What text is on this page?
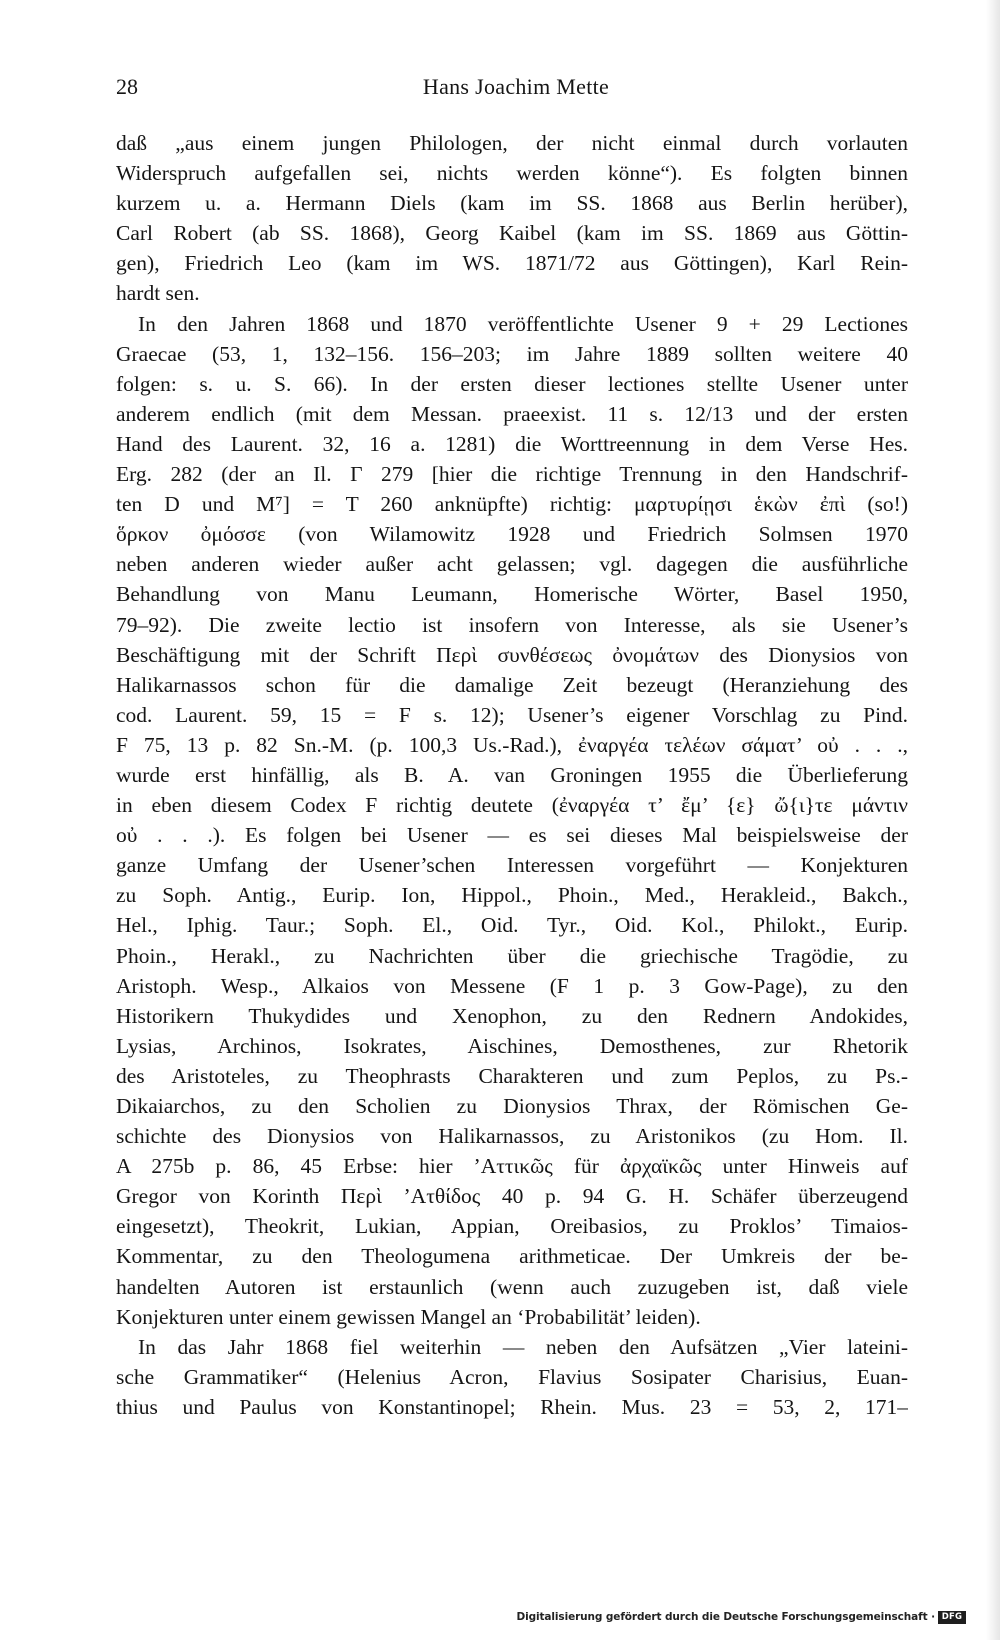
28	Hans Joachim Mette
daß „aus einem jungen Philologen, der nicht einmal durch vorlauten
Widerspruch aufgefallen sei, nichts werden könne“). Es folgten binnen
kurzem u. a. Hermann Diels (kam im SS. 1868 aus Berlin herüber),
Carl Robert (ab SS. 1868), Georg Kaibel (kam im SS. 1869 aus Göttin-
gen), Friedrich Leo (kam im WS. 1871/72 aus Göttingen), Karl Rein-
hardt sen.
In den Jahren 1868 und 1870 veröffentlichte Usener 9 + 29 Lectiones
Graecae (53, 1, 132–156. 156–203; im Jahre 1889 sollten weitere 40
folgen: s. u. S. 66). In der ersten dieser lectiones stellte Usener unter
anderem endlich (mit dem Messan. praeexist. 11 s. 12/13 und der ersten
Hand des Laurent. 32, 16 a. 1281) die Worttreennung in dem Verse Hes.
Erg. 282 (der an Il. Γ 279 [hier die richtige Trennung in den Handschrif-
ten D und M⁷] = T 260 anknüpfte) richtig: μαρτυρίῃσι ἑκὼν ἐπὶ (so!)
ὅρκον ὀμόσσε (von Wilamowitz 1928 und Friedrich Solmsen 1970
neben anderen wieder außer acht gelassen; vgl. dagegen die ausführliche
Behandlung von Manu Leumann, Homerische Wörter, Basel 1950,
79–92). Die zweite lectio ist insofern von Interesse, als sie Usener’s
Beschäftigung mit der Schrift Περὶ συνθέσεως ὀνομάτων des Dionysios von
Halikarnassos schon für die damalige Zeit bezeugt (Heranziehung des
cod. Laurent. 59, 15 = F s. 12); Usener’s eigener Vorschlag zu Pind.
F 75, 13 p. 82 Sn.-M. (p. 100,3 Us.-Rad.), ἐναργέα τελέων σάματ’ οὐ . . .,
wurde erst hinfällig, als B. A. van Groningen 1955 die Überlieferung
in eben diesem Codex F richtig deutete (ἐναργέα τ’ ἔμ’ {ε} ὤ{ι}τε μάντιν
οὐ . . .). Es folgen bei Usener — es sei dieses Mal beispielsweise der
ganze Umfang der Usener’schen Interessen vorgeführt — Konjekturen
zu Soph. Antig., Eurip. Ion, Hippol., Phoin., Med., Herakleid., Bakch.,
Hel., Iphig. Taur.; Soph. El., Oid. Tyr., Oid. Kol., Philokt., Eurip.
Phoin., Herakl., zu Nachrichten über die griechische Tragödie, zu
Aristoph. Wesp., Alkaios von Messene (F 1 p. 3 Gow-Page), zu den
Historikern Thukydides und Xenophon, zu den Rednern Andokides,
Lysias, Archinos, Isokrates, Aischines, Demosthenes, zur Rhetorik
des Aristoteles, zu Theophrasts Charakteren und zum Peplos, zu Ps.-
Dikaiarchos, zu den Scholien zu Dionysios Thrax, der Römischen Ge-
schichte des Dionysios von Halikarnassos, zu Aristonikos (zu Hom. Il.
A 275b p. 86, 45 Erbse: hier ’Αττικῶς für ἀρχαϊκῶς unter Hinweis auf
Gregor von Korinth Περὶ ’Ατθίδος 40 p. 94 G. H. Schäfer überzeugend
eingesetzt), Theokrit, Lukian, Appian, Oreibasios, zu Proklos’ Timaios-
Kommentar, zu den Theologumena arithmeticae. Der Umkreis der be-
handelten Autoren ist erstaunlich (wenn auch zuzugeben ist, daß viele
Konjekturen unter einem gewissen Mangel an ‘Probabilität’ leiden).
In das Jahr 1868 fiel weiterhin — neben den Aufsätzen „Vier lateini-
sche Grammatiker“ (Helenius Acron, Flavius Sosipater Charisius, Euan-
thius und Paulus von Konstantinopel; Rhein. Mus. 23 = 53, 2, 171–
Digitalisierung gefördert durch die Deutsche Forschungsgemeinschaft · DFG
